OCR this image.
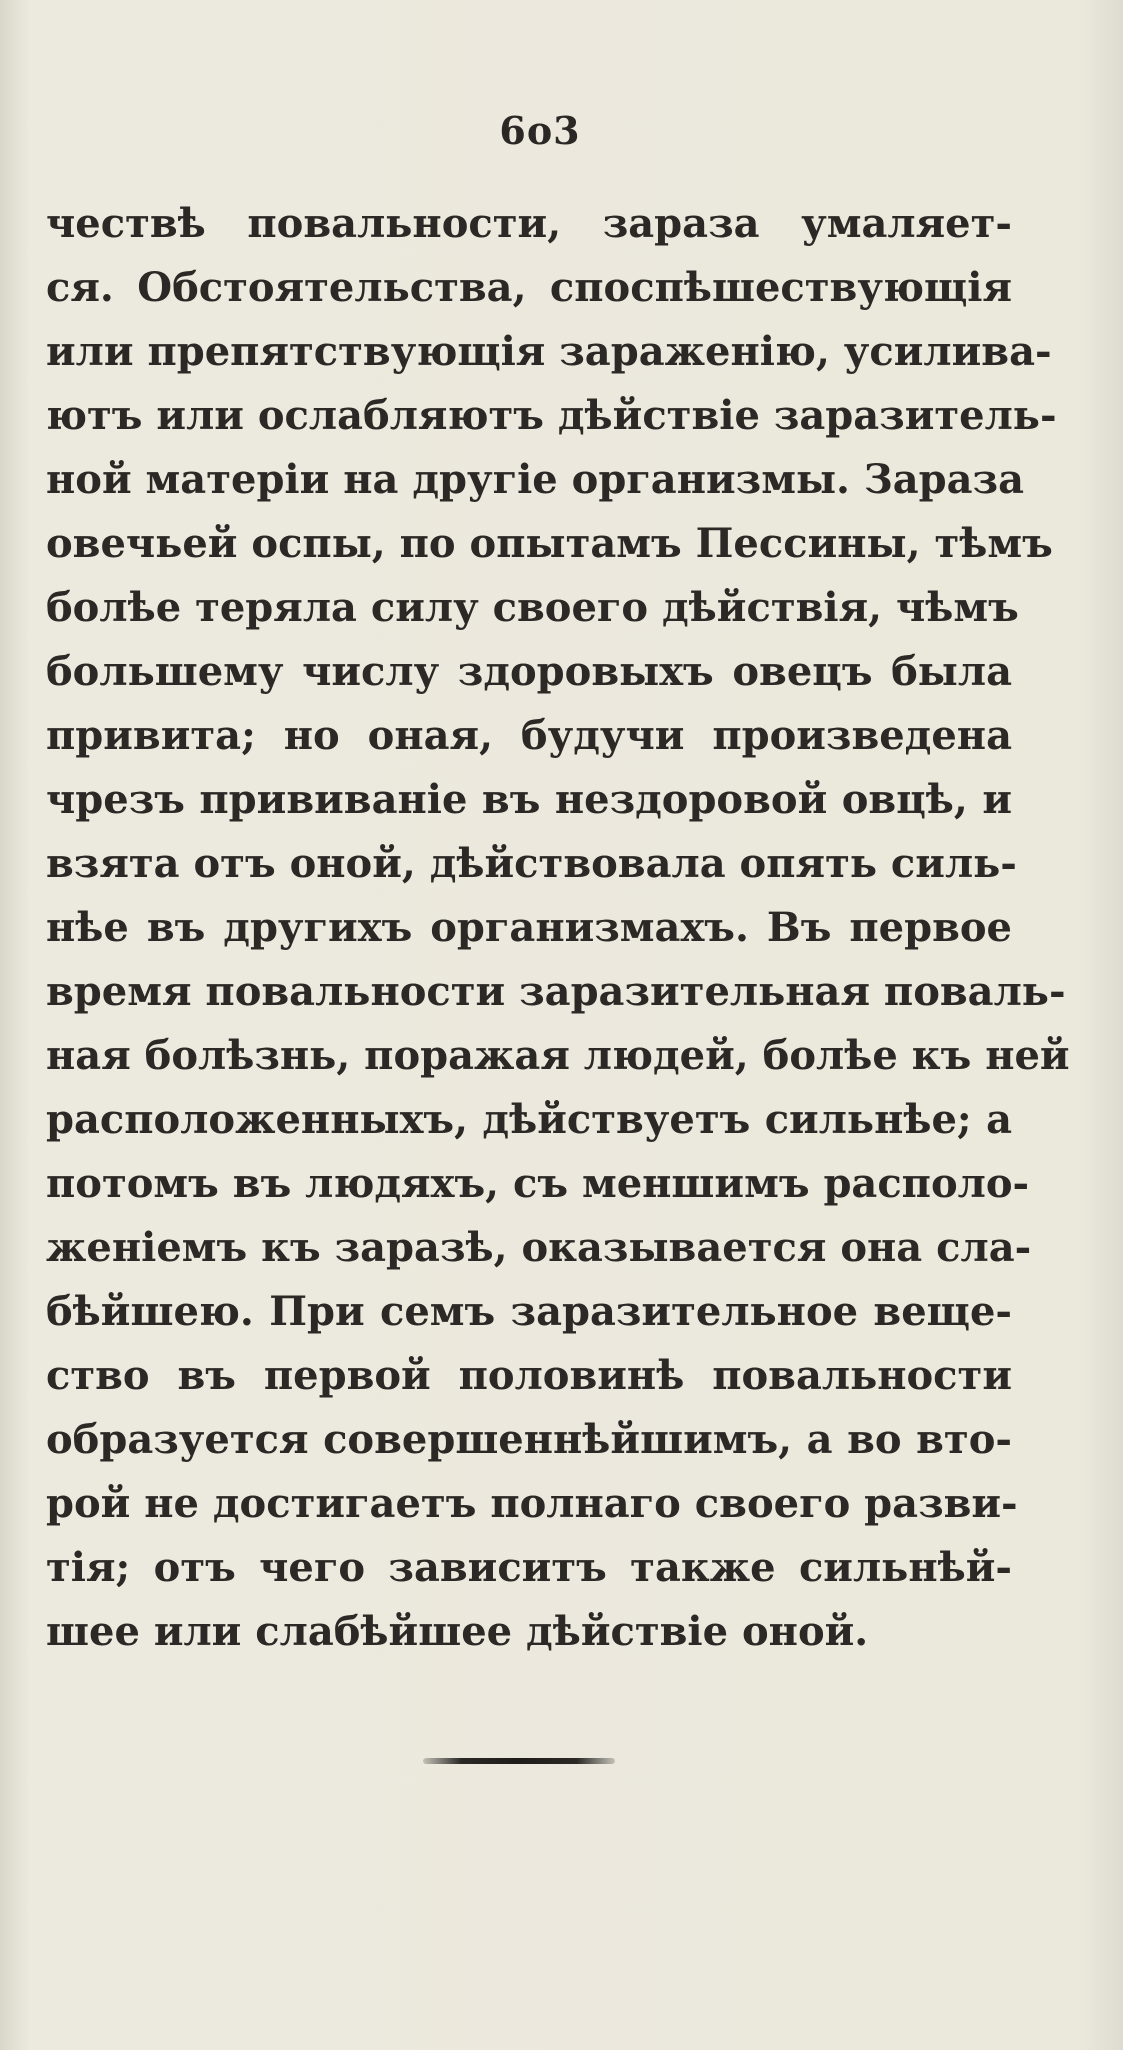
6о3
чествѣ повальности, зараза умаляет-
ся. Обстоятельства, споспѣшествующія
или препятствующія зараженію, усилива-
ютъ или ослабляютъ дѣйствіе заразитель-
ной матеріи на другіе организмы. Зараза
овечьей оспы, по опытамъ Пессины, тѣмъ
болѣе теряла силу своего дѣйствія, чѣмъ
большему числу здоровыхъ овецъ была
привита; но оная, будучи произведена
чрезъ прививаніе въ нездоровой овцѣ, и
взята отъ оной, дѣйствовала опять силь-
нѣе въ другихъ организмахъ. Въ первое
время повальности заразительная поваль-
ная болѣзнь, поражая людей, болѣе къ ней
расположенныхъ, дѣйствуетъ сильнѣе; а
потомъ въ людяхъ, съ меншимъ располо-
женіемъ къ заразѣ, оказывается она сла-
бѣйшею. При семъ заразительное веще-
ство въ первой половинѣ повальности
образуется совершеннѣйшимъ, а во вто-
рой не достигаетъ полнаго своего разви-
тія; отъ чего зависитъ также сильнѣй-
шее или слабѣйшее дѣйствіе оной.
